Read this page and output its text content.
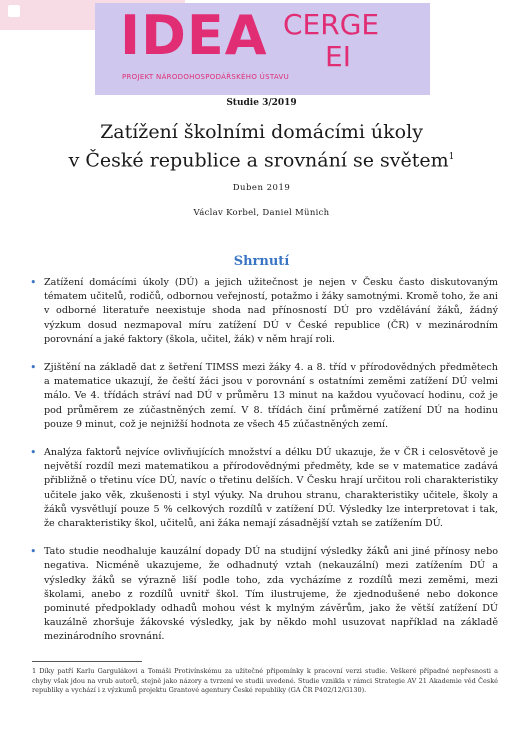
IDEA CERGE
EI
PROJEKT NÁRODOHOSPODÁŘSKÉHO ÚSTAVU
Studie 3/2019
Zatížení školními domácími úkoly
v České republice a srovnání se světem$^1$
Duben 2019
Václav Korbel, Daniel Münich
Shrnutí
• Zatížení domácími úkoly (DÚ) a jejich užitečnost je nejen v Česku často diskutovaným tématem učitelů, rodičů, odbornou veřejností, potažmo i žáky samotnými. Kromě toho, že ani v odborné literatuře neexistuje shoda nad přínosností DÚ pro vzdělávání žáků, žádný výzkum dosud nezmapoval míru zatížení DÚ v České republice (ČR) v mezinárodním porovnání a jaké faktory (škola, učitel, žák) v něm hrají roli.
• Zjištění na základě dat z šetření TIMSS mezi žáky 4. a 8. tříd v přírodovědných předmětech a matematice ukazují, že čeští žáci jsou v porovnání s ostatními zeměmi zatížení DÚ velmi málo. Ve 4. třídách stráví nad DÚ v průměru 13 minut na každou vyučovací hodinu, což je pod průměrem ze zúčastněných zemí. V 8. třídách činí průměrné zatížení DÚ na hodinu pouze 9 minut, což je nejnižší hodnota ze všech 45 zúčastněných zemí.
• Analýza faktorů nejvíce ovlivňujících množství a délku DÚ ukazuje, že v ČR i celosvětově je největší rozdíl mezi matematikou a přírodovědnými předměty, kde se v matematice zadává přibližně o třetinu více DÚ, navíc o třetinu delších. V Česku hrají určitou roli charakteristiky učitele jako věk, zkušenosti i styl výuky. Na druhou stranu, charakteristiky učitele, školy a žáků vysvětlují pouze 5 % celkových rozdílů v zatížení DÚ. Výsledky lze interpretovat i tak, že charakteristiky škol, učitelů, ani žáka nemají zásadnější vztah se zatížením DÚ.
• Tato studie neodhaluje kauzální dopady DÚ na studijní výsledky žáků ani jiné přínosy nebo negativa. Nicméně ukazujeme, že odhadnutý vztah (nekauzální) mezi zatížením DÚ a výsledky žáků se výrazně liší podle toho, zda vycházíme z rozdílů mezi zeměmi, mezi školami, anebo z rozdílů uvnitř škol. Tím ilustrujeme, že zjednodušené nebo dokonce pominuté předpoklady odhadů mohou vést k mylným závěrům, jako že větší zatížení DÚ kauzálně zhoršuje žákovské výsledky, jak by někdo mohl usuzovat například na základě mezinárodního srovnání.
1 Díky patří Karlu Gargulákovi a Tomáši Protivínskému za užitečné připomínky k pracovní verzi studie. Veškeré případné nepřesnosti a chyby však jdou na vrub autorů, stejně jako názory a tvrzení ve studii uvedené. Studie vznikla v rámci Strategie AV 21 Akademie věd České republiky a vychází i z výzkumů projektu Grantové agentury České republiky (GA ČR P402/12/G130).
